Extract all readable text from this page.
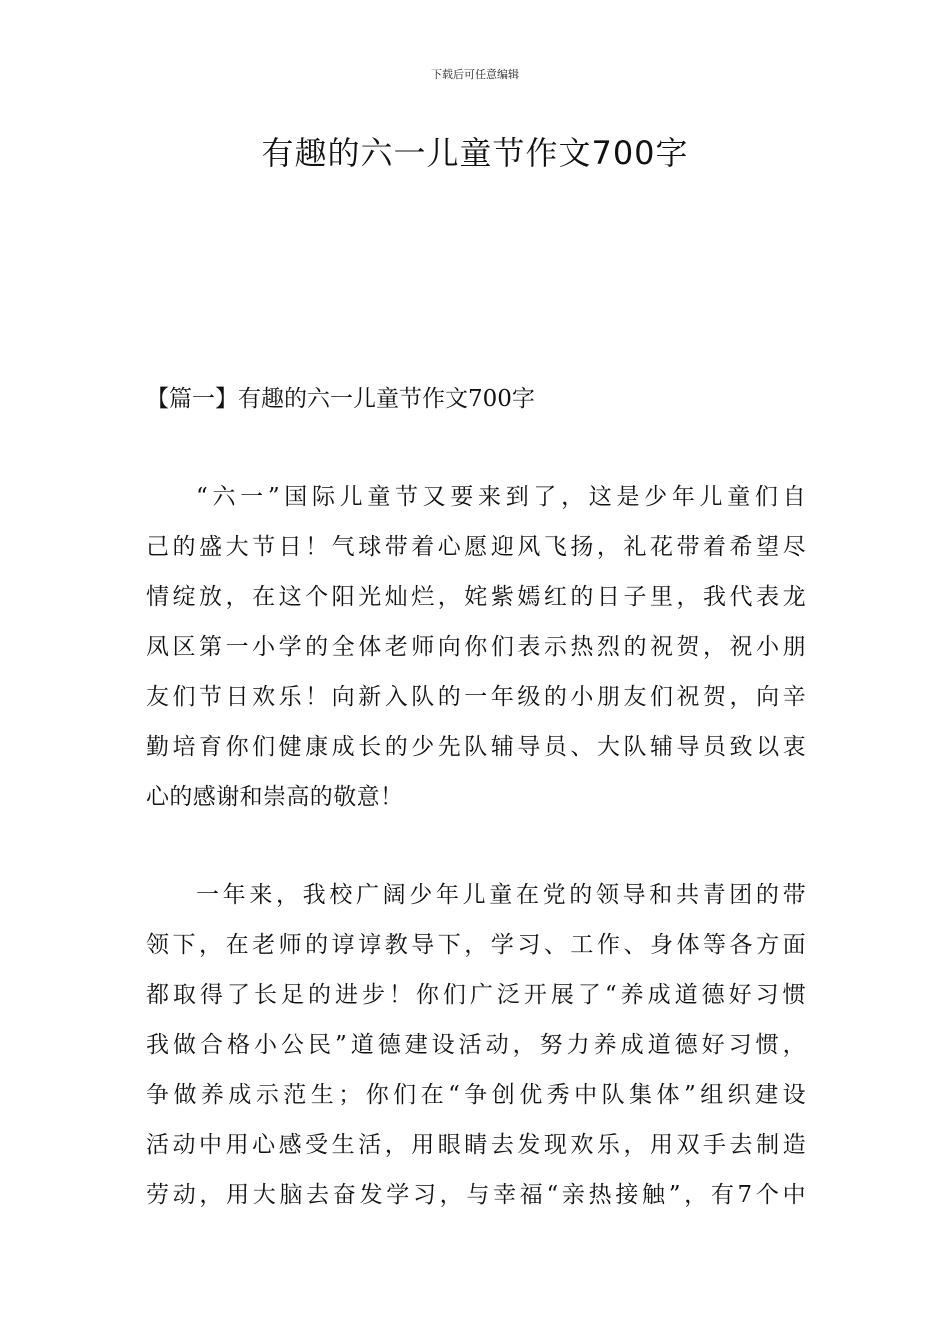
下载后可任意编辑
有趣的六一儿童节作文700字

【篇一】有趣的六一儿童节作文700字

“六一”国际儿童节又要来到了，这是少年儿童们自
己的盛大节日！气球带着心愿迎风飞扬，礼花带着希望尽
情绽放，在这个阳光灿烂，姹紫嫣红的日子里，我代表龙
凤区第一小学的全体老师向你们表示热烈的祝贺，祝小朋
友们节日欢乐！向新入队的一年级的小朋友们祝贺，向辛
勤培育你们健康成长的少先队辅导员、大队辅导员致以衷
心的感谢和崇高的敬意！

一年来，我校广阔少年儿童在党的领导和共青团的带
领下，在老师的谆谆教导下，学习、工作、身体等各方面
都取得了长足的进步！你们广泛开展了“养成道德好习惯
我做合格小公民”道德建设活动，努力养成道德好习惯，
争做养成示范生；你们在“争创优秀中队集体”组织建设
活动中用心感受生活，用眼睛去发现欢乐，用双手去制造
劳动，用大脑去奋发学习，与幸福“亲热接触”，有7个中
